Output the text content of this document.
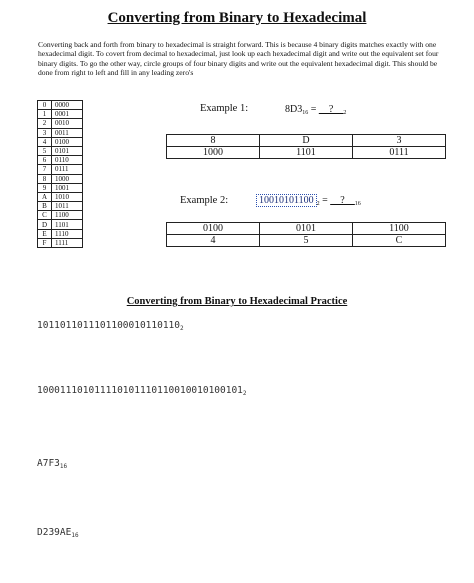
Converting from Binary to Hexadecimal
Converting back and forth from binary to hexadecimal is straight forward. This is because 4 binary digits matches exactly with one hexadecimal digit. To covert from decimal to hexadecimal, just look up each hexadecimal digit and write out the equivalent set four binary digits. To go the other way, circle groups of four binary digits and write out the equivalent hexadecimal digit. This should be done from right to left and fill in any leading zero's
0	0000
1	0001
2	0010
3	0011
4	0100
5	0101
6	0110
7	0111
8	1000
9	1001
A	1010
B	1011
C	1100
D	1101
E	1110
F	1111
Example 1:	$8D3_{16}$ = $\_\_?\_\__2$
8	D	3
1000	1101	0111
Example 2:	10010101100 $_2 = \_\_?\_\__{16}$
0100	0101	1100
4	5	C
Converting from Binary to Hexadecimal Practice
$1011011011101100010110110_2$
$100011101011110101110110010010100101_2$
$A7F3_{16}$
$D239AE_{16}$
